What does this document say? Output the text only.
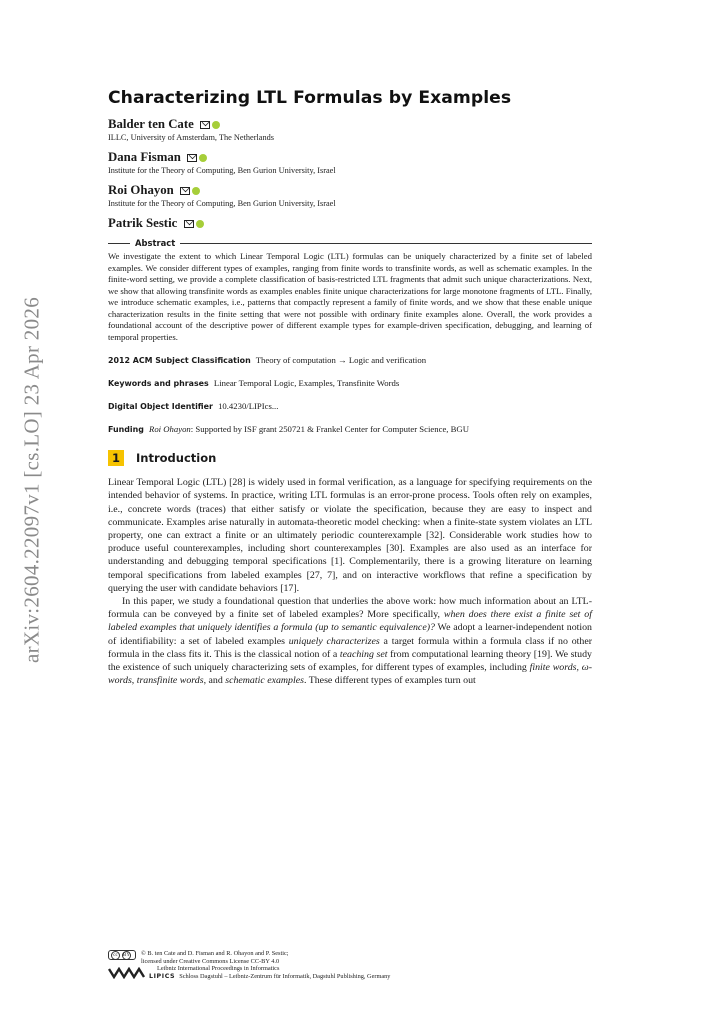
arXiv:2604.22097v1 [cs.LO] 23 Apr 2026
Characterizing LTL Formulas by Examples
Balder ten Cate
ILLC, University of Amsterdam, The Netherlands
Dana Fisman
Institute for the Theory of Computing, Ben Gurion University, Israel
Roi Ohayon
Institute for the Theory of Computing, Ben Gurion University, Israel
Patrik Sestic
Abstract

We investigate the extent to which Linear Temporal Logic (LTL) formulas can be uniquely characterized by a finite set of labeled examples. We consider different types of examples, ranging from finite words to transfinite words, as well as schematic examples. In the finite-word setting, we provide a complete classification of basis-restricted LTL fragments that admit such unique characterizations. Next, we show that allowing transfinite words as examples enables finite unique characterizations for large monotone fragments of LTL. Finally, we introduce schematic examples, i.e., patterns that compactly represent a family of finite words, and we show that these enable unique characterization results in the finite setting that were not possible with ordinary finite examples alone. Overall, the work provides a foundational account of the descriptive power of different example types for example-driven specification, debugging, and learning of temporal properties.

2012 ACM Subject Classification Theory of computation → Logic and verification
Keywords and phrases Linear Temporal Logic, Examples, Transfinite Words
Digital Object Identifier 10.4230/LIPIcs...
Funding Roi Ohayon: Supported by ISF grant 250721 & Frankel Center for Computer Science, BGU
1	Introduction

Linear Temporal Logic (LTL) [28] is widely used in formal verification, as a language for specifying requirements on the intended behavior of systems. In practice, writing LTL formulas is an error-prone process. Tools often rely on examples, i.e., concrete words (traces) that either satisfy or violate the specification, because they are easy to inspect and communicate. Examples arise naturally in automata-theoretic model checking: when a finite-state system violates an LTL property, one can extract a finite or an ultimately periodic counterexample [32]. Considerable work studies how to produce useful counterexamples, including short counterexamples [30]. Examples are also used as an interface for understanding and debugging temporal specifications [1]. Complementarily, there is a growing literature on learning temporal specifications from labeled examples [27, 7], and on interactive workflows that refine a specification by querying the user with candidate behaviors [17].

In this paper, we study a foundational question that underlies the above work: how much information about an LTL-formula can be conveyed by a finite set of labeled examples? More specifically, when does there exist a finite set of labeled examples that uniquely identifies a formula (up to semantic equivalence)? We adopt a learner-independent notion of identifiability: a set of labeled examples uniquely characterizes a target formula within a formula class if no other formula in the class fits it. This is the classical notion of a teaching set from computational learning theory [19]. We study the existence of such uniquely characterizing sets of examples, for different types of examples, including finite words, ω-words, transfinite words, and schematic examples. These different types of examples turn out

cc	BY © B. ten Cate and D. Fisman and R. Ohayon and P. Sestic;
licensed under Creative Commons License CC-BY 4.0
Leibniz International Proceedings in Informatics
LIPICS Schloss Dagstuhl – Leibniz-Zentrum für Informatik, Dagstuhl Publishing, Germany
